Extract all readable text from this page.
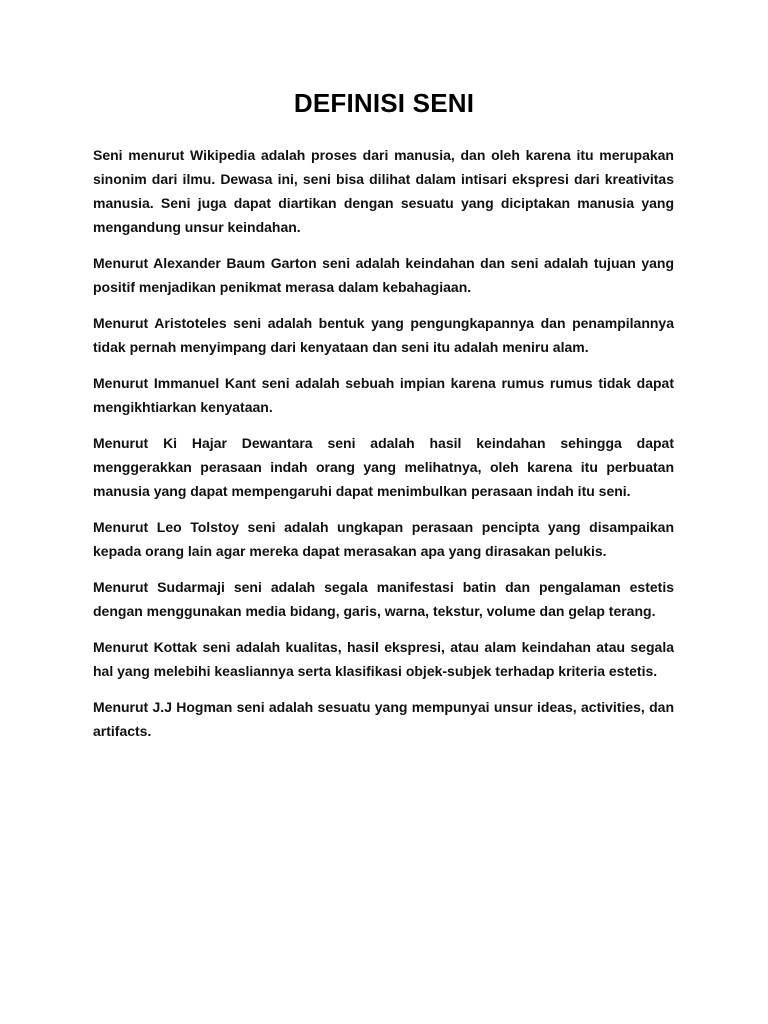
DEFINISI SENI

Seni menurut Wikipedia adalah proses dari manusia, dan oleh karena itu merupakan sinonim dari ilmu. Dewasa ini, seni bisa dilihat dalam intisari ekspresi dari kreativitas manusia. Seni juga dapat diartikan dengan sesuatu yang diciptakan manusia yang mengandung unsur keindahan.

Menurut Alexander Baum Garton seni adalah keindahan dan seni adalah tujuan yang positif menjadikan penikmat merasa dalam kebahagiaan.

Menurut Aristoteles seni adalah bentuk yang pengungkapannya dan penampilannya tidak pernah menyimpang dari kenyataan dan seni itu adalah meniru alam.

Menurut Immanuel Kant seni adalah sebuah impian karena rumus rumus tidak dapat mengikhtiarkan kenyataan.

Menurut Ki Hajar Dewantara seni adalah hasil keindahan sehingga dapat menggerakkan perasaan indah orang yang melihatnya, oleh karena itu perbuatan manusia yang dapat mempengaruhi dapat menimbulkan perasaan indah itu seni.

Menurut Leo Tolstoy seni adalah ungkapan perasaan pencipta yang disampaikan kepada orang lain agar mereka dapat merasakan apa yang dirasakan pelukis.

Menurut Sudarmaji seni adalah segala manifestasi batin dan pengalaman estetis dengan menggunakan media bidang, garis, warna, tekstur, volume dan gelap terang.

Menurut Kottak seni adalah kualitas, hasil ekspresi, atau alam keindahan atau segala hal yang melebihi keasliannya serta klasifikasi objek-subjek terhadap kriteria estetis.

Menurut J.J Hogman seni adalah sesuatu yang mempunyai unsur ideas, activities, dan artifacts.
